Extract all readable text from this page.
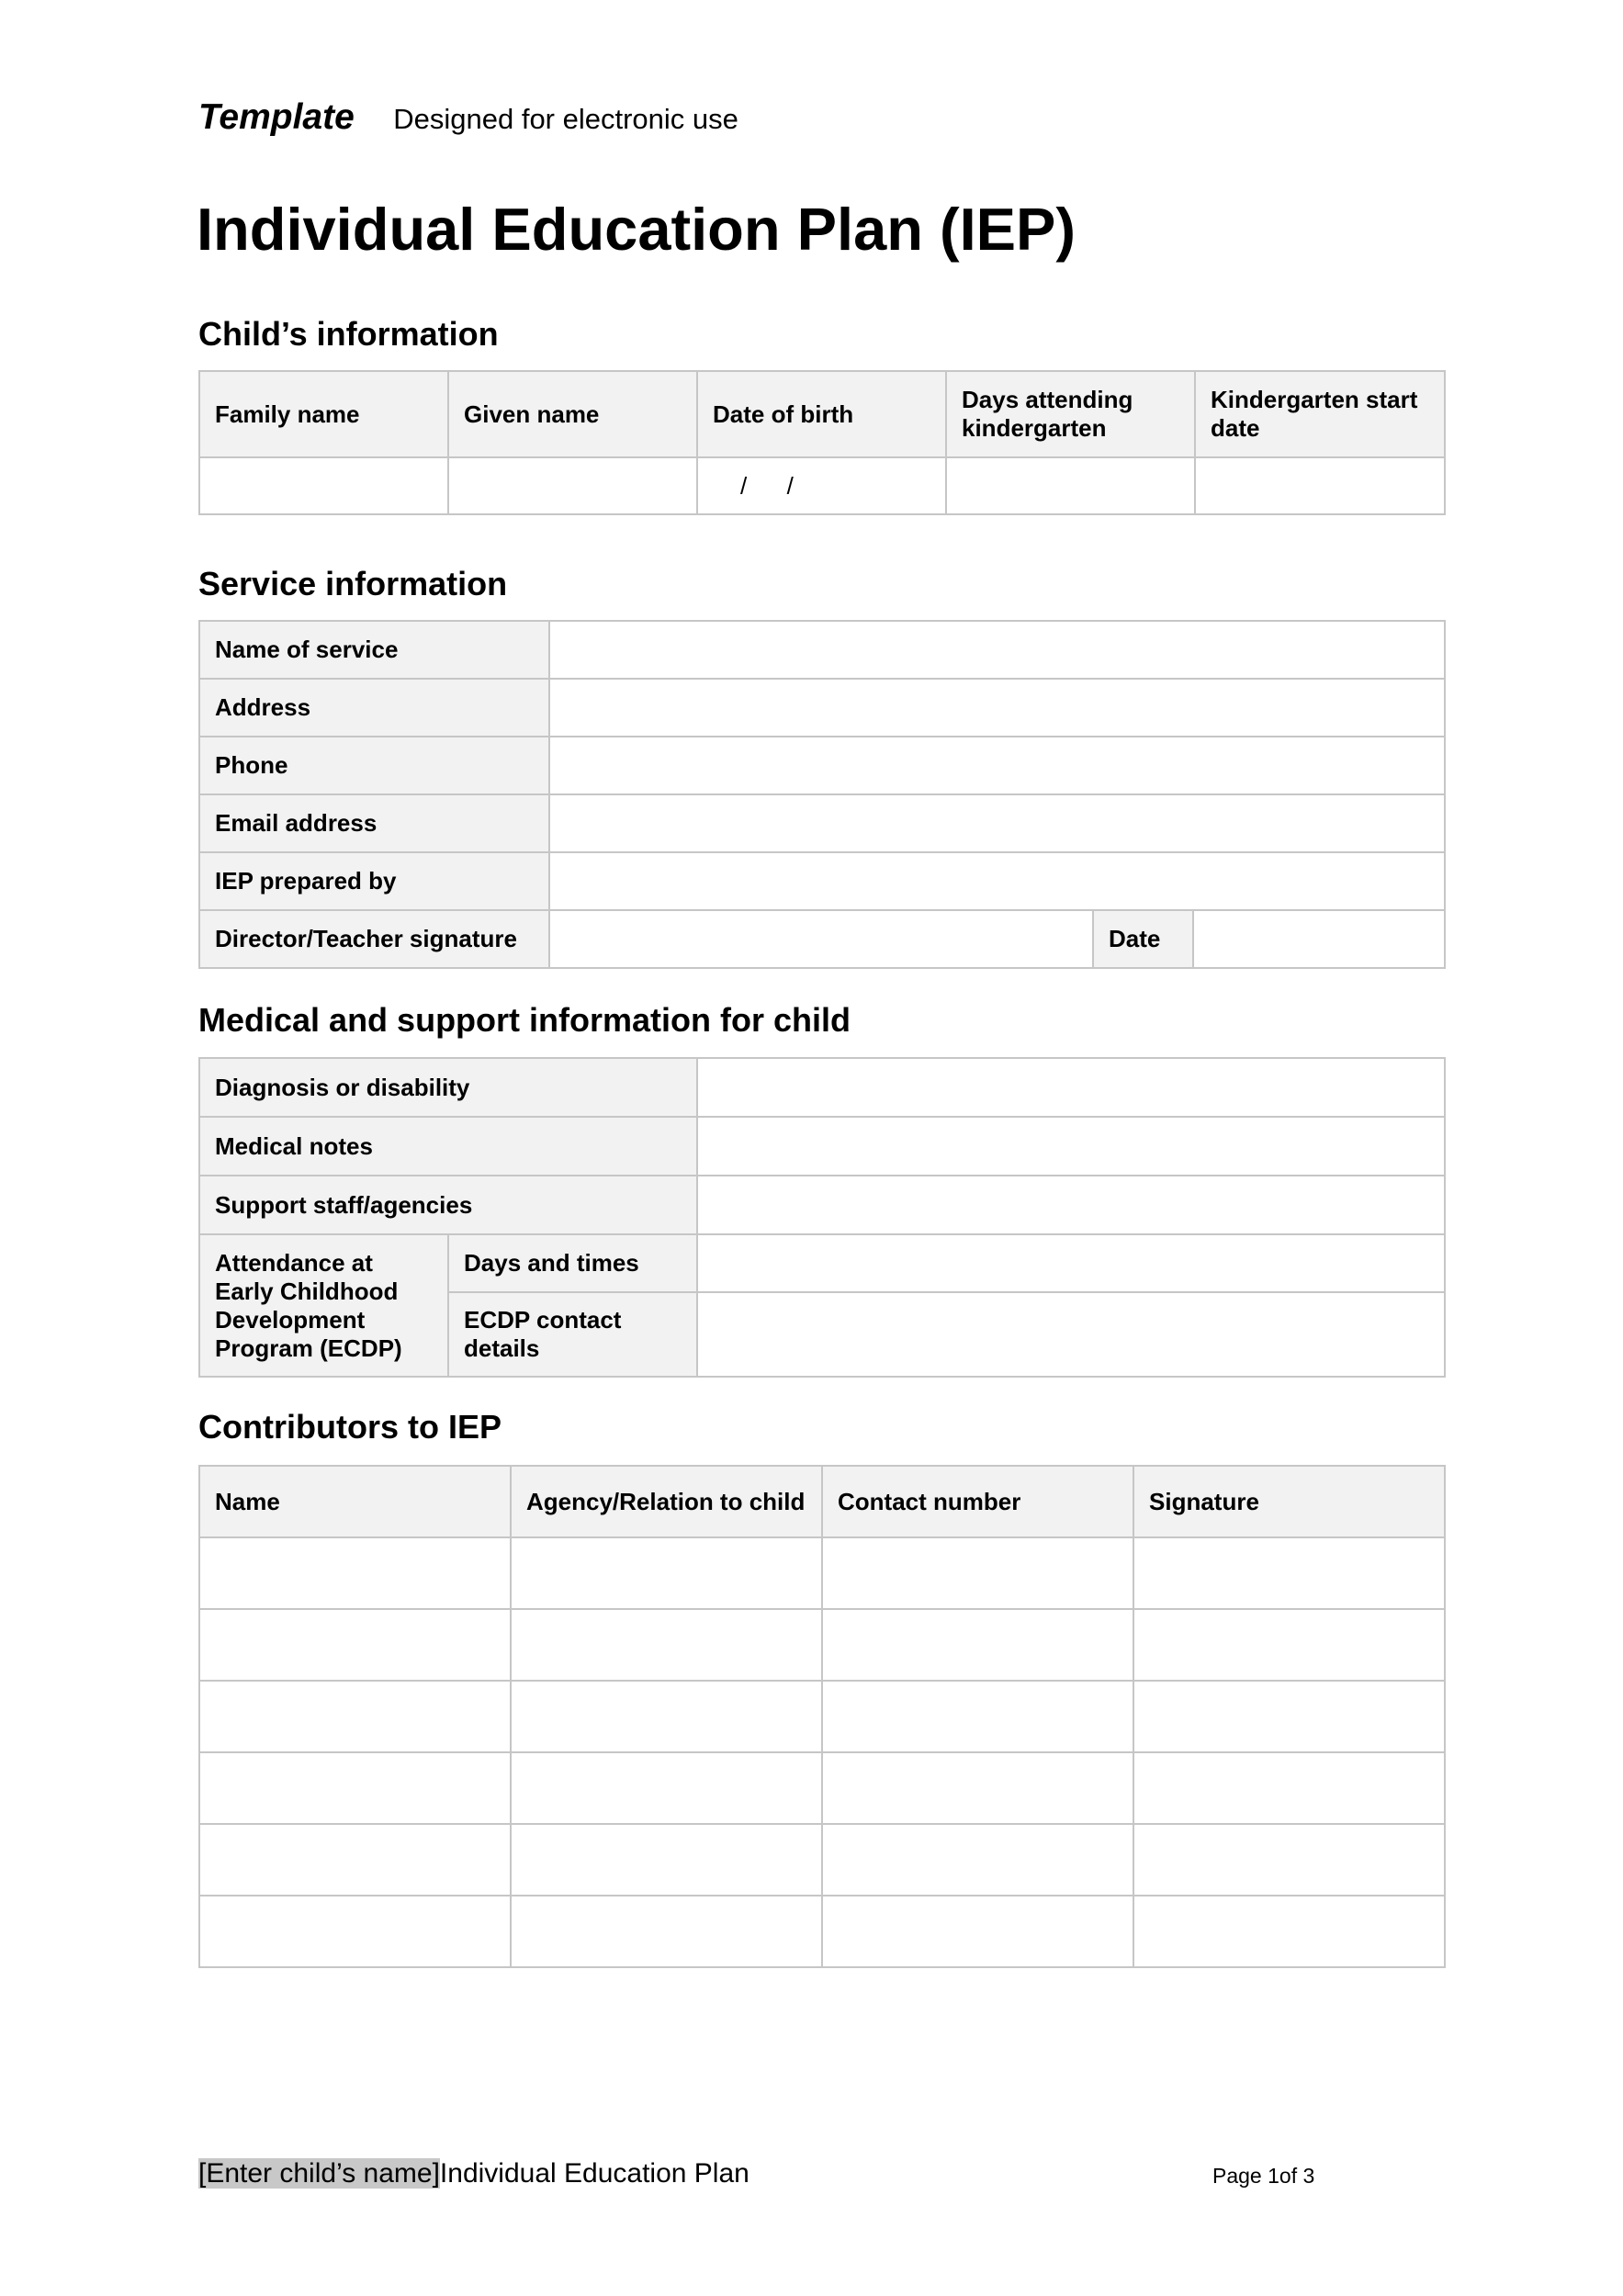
Template Designed for electronic use
Individual Education Plan (IEP)
Child’s information
Family name	Given name	Date of birth	Days attending kindergarten	Kindergarten start date
		/      /		
Service information
Name of service			
Address			
Phone			
Email address			
IEP prepared by			
Director/Teacher signature		Date	
Medical and support information for child
Diagnosis or disability		
Medical notes		
Support staff/agencies		
Attendance at Early Childhood Development Program (ECDP)	Days and times	
	ECDP contact details	
Contributors to IEP
Name	Agency/Relation to child	Contact number	Signature

[Enter child’s name]Individual Education Plan	Page 1of 3
